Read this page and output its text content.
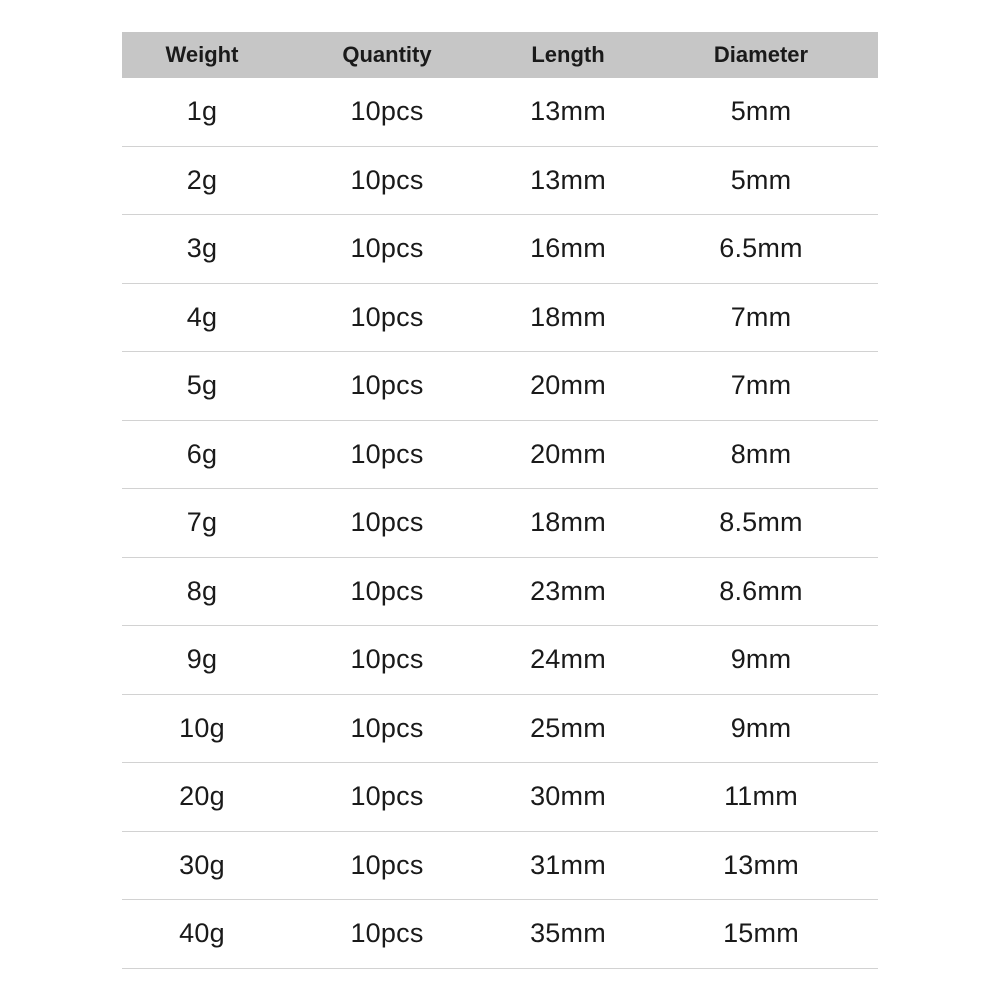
Weight	Quantity	Length	Diameter
1g	10pcs	13mm	5mm
2g	10pcs	13mm	5mm
3g	10pcs	16mm	6.5mm
4g	10pcs	18mm	7mm
5g	10pcs	20mm	7mm
6g	10pcs	20mm	8mm
7g	10pcs	18mm	8.5mm
8g	10pcs	23mm	8.6mm
9g	10pcs	24mm	9mm
10g	10pcs	25mm	9mm
20g	10pcs	30mm	11mm
30g	10pcs	31mm	13mm
40g	10pcs	35mm	15mm
